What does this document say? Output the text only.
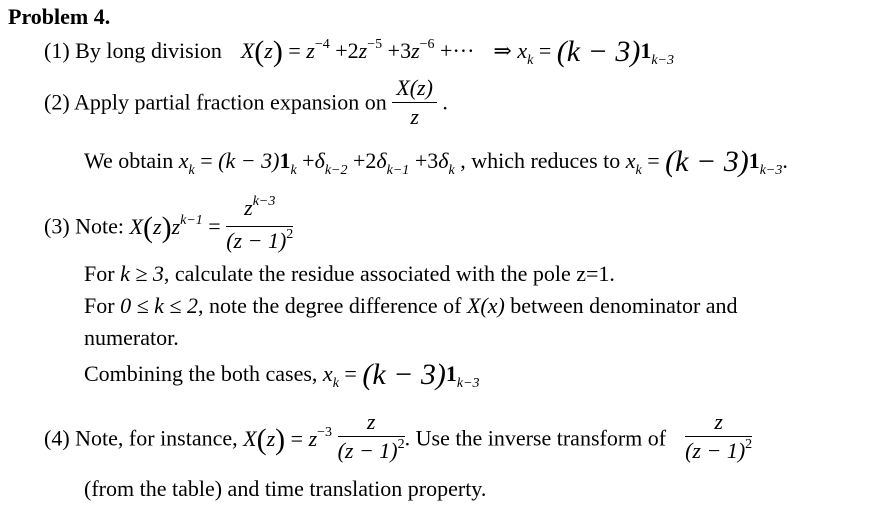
Problem 4.
(1) By long division $X(z) = z^{-4} +2z^{-5} +3z^{-6}$ +··· ⇒ $x_k = (k - 3)1_{k-3}$
(2) Apply partial fraction expansion on $\frac{X(z)}{z}$ .
We obtain $x_k = (k - 3)1_k +\delta_{k-2} +2\delta_{k-1} +3\delta_k$ , which reduces to $x_k = (k - 3)1_{k-3}$.
(3) Note: $X(z)z^{k-1} = \frac{z^{k-3}}{(z - 1)^2}$
For k ≥ 3, calculate the residue associated with the pole z=1.
For 0 ≤ k ≤ 2, note the degree difference of X(x) between denominator and
numerator.
Combining the both cases, $x_k = (k - 3)1_{k-3}$
(4) Note, for instance, $X(z) = z^{-3} \frac{z}{(z - 1)^2}$ . Use the inverse transform of $\frac{z}{(z - 1)^2}$
(from the table) and time translation property.
